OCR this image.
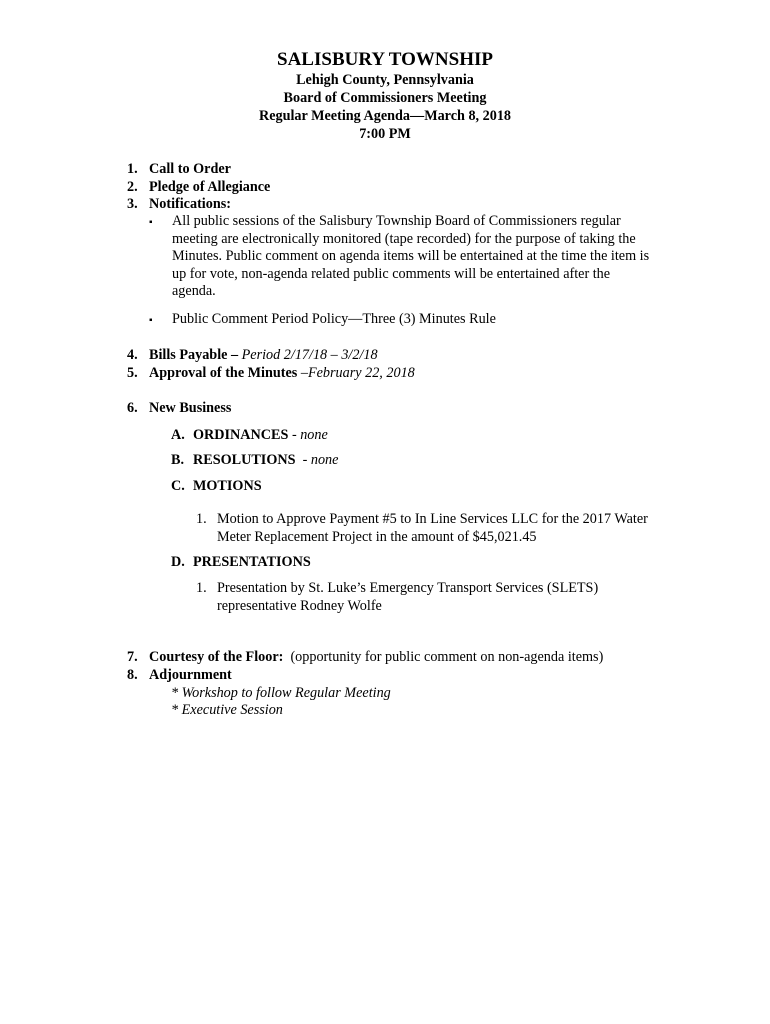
SALISBURY TOWNSHIP
Lehigh County, Pennsylvania
Board of Commissioners Meeting
Regular Meeting Agenda—March 8, 2018
7:00 PM
1. Call to Order
2. Pledge of Allegiance
3. Notifications:
▪ All public sessions of the Salisbury Township Board of Commissioners regular
meeting are electronically monitored (tape recorded) for the purpose of taking the
Minutes. Public comment on agenda items will be entertained at the time the item is
up for vote, non-agenda related public comments will be entertained after the
agenda.
▪ Public Comment Period Policy—Three (3) Minutes Rule
4. Bills Payable – Period 2/17/18 – 3/2/18
5. Approval of the Minutes –February 22, 2018
6. New Business
A. ORDINANCES - none
B. RESOLUTIONS  - none
C. MOTIONS
1. Motion to Approve Payment #5 to In Line Services LLC for the 2017 Water
Meter Replacement Project in the amount of $45,021.45
D. PRESENTATIONS
1. Presentation by St. Luke’s Emergency Transport Services (SLETS)
representative Rodney Wolfe
7. Courtesy of the Floor:  (opportunity for public comment on non-agenda items)
8. Adjournment
* Workshop to follow Regular Meeting
* Executive Session
